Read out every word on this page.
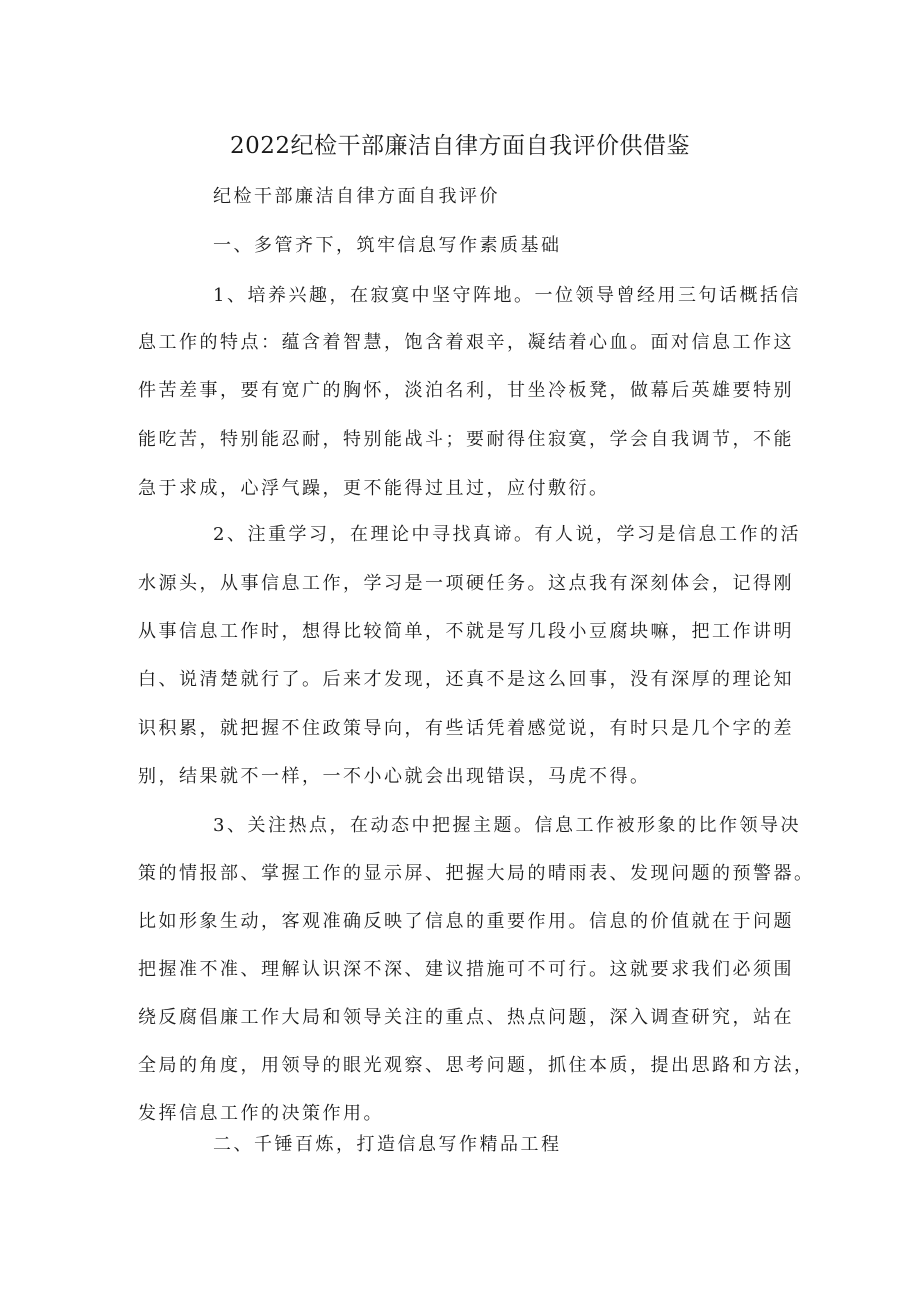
2022纪检干部廉洁自律方面自我评价供借鉴
纪检干部廉洁自律方面自我评价
一、多管齐下，筑牢信息写作素质基础
1、培养兴趣，在寂寞中坚守阵地。一位领导曾经用三句话概括信
息工作的特点：蕴含着智慧，饱含着艰辛，凝结着心血。面对信息工作这
件苦差事，要有宽广的胸怀，淡泊名利，甘坐冷板凳，做幕后英雄要特别
能吃苦，特别能忍耐，特别能战斗；要耐得住寂寞，学会自我调节，不能
急于求成，心浮气躁，更不能得过且过，应付敷衍。
2、注重学习，在理论中寻找真谛。有人说，学习是信息工作的活
水源头，从事信息工作，学习是一项硬任务。这点我有深刻体会，记得刚
从事信息工作时，想得比较简单，不就是写几段小豆腐块嘛，把工作讲明
白、说清楚就行了。后来才发现，还真不是这么回事，没有深厚的理论知
识积累，就把握不住政策导向，有些话凭着感觉说，有时只是几个字的差
别，结果就不一样，一不小心就会出现错误，马虎不得。
3、关注热点，在动态中把握主题。信息工作被形象的比作领导决
策的情报部、掌握工作的显示屏、把握大局的晴雨表、发现问题的预警器。
比如形象生动，客观准确反映了信息的重要作用。信息的价值就在于问题
把握准不准、理解认识深不深、建议措施可不可行。这就要求我们必须围
绕反腐倡廉工作大局和领导关注的重点、热点问题，深入调查研究，站在
全局的角度，用领导的眼光观察、思考问题，抓住本质，提出思路和方法，
发挥信息工作的决策作用。
二、千锤百炼，打造信息写作精品工程
